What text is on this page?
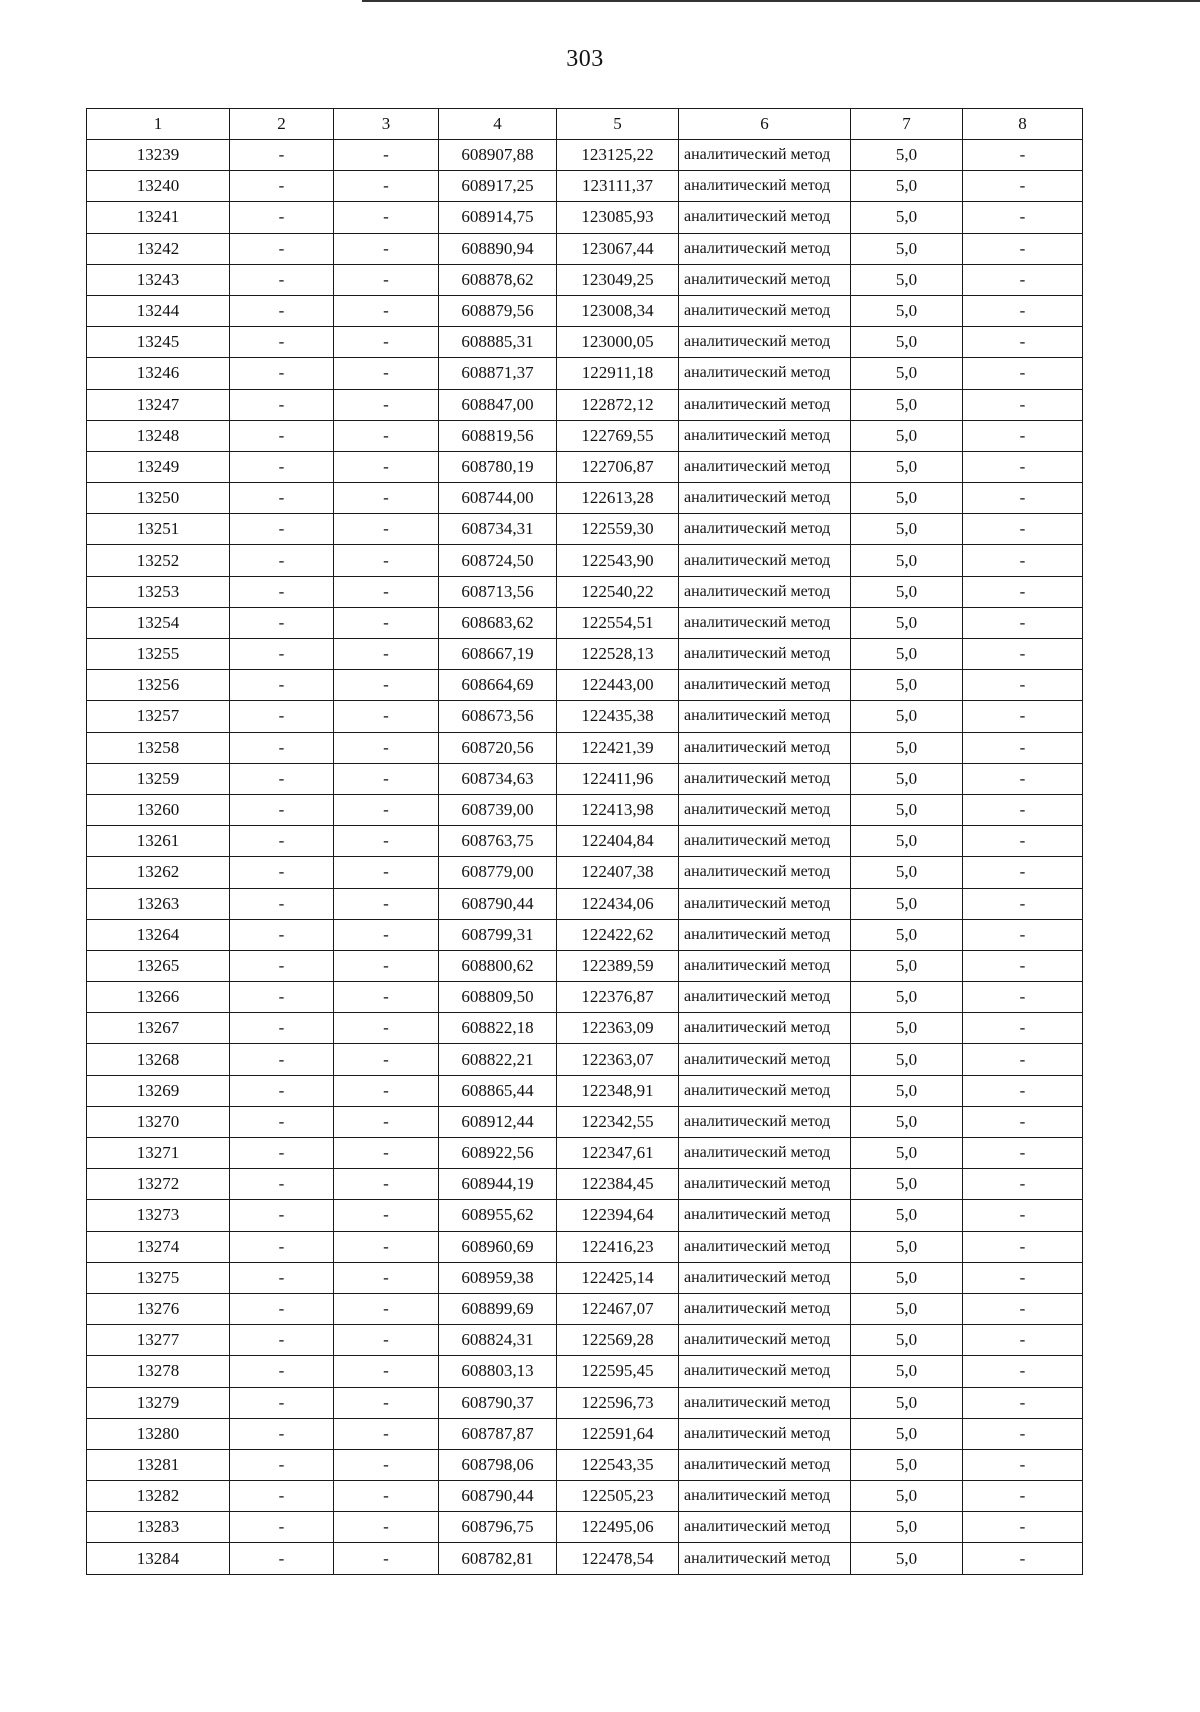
303
1	2	3	4	5	6	7	8
13239	-	-	608907,88	123125,22	аналитический метод	5,0	-
13240	-	-	608917,25	123111,37	аналитический метод	5,0	-
13241	-	-	608914,75	123085,93	аналитический метод	5,0	-
13242	-	-	608890,94	123067,44	аналитический метод	5,0	-
13243	-	-	608878,62	123049,25	аналитический метод	5,0	-
13244	-	-	608879,56	123008,34	аналитический метод	5,0	-
13245	-	-	608885,31	123000,05	аналитический метод	5,0	-
13246	-	-	608871,37	122911,18	аналитический метод	5,0	-
13247	-	-	608847,00	122872,12	аналитический метод	5,0	-
13248	-	-	608819,56	122769,55	аналитический метод	5,0	-
13249	-	-	608780,19	122706,87	аналитический метод	5,0	-
13250	-	-	608744,00	122613,28	аналитический метод	5,0	-
13251	-	-	608734,31	122559,30	аналитический метод	5,0	-
13252	-	-	608724,50	122543,90	аналитический метод	5,0	-
13253	-	-	608713,56	122540,22	аналитический метод	5,0	-
13254	-	-	608683,62	122554,51	аналитический метод	5,0	-
13255	-	-	608667,19	122528,13	аналитический метод	5,0	-
13256	-	-	608664,69	122443,00	аналитический метод	5,0	-
13257	-	-	608673,56	122435,38	аналитический метод	5,0	-
13258	-	-	608720,56	122421,39	аналитический метод	5,0	-
13259	-	-	608734,63	122411,96	аналитический метод	5,0	-
13260	-	-	608739,00	122413,98	аналитический метод	5,0	-
13261	-	-	608763,75	122404,84	аналитический метод	5,0	-
13262	-	-	608779,00	122407,38	аналитический метод	5,0	-
13263	-	-	608790,44	122434,06	аналитический метод	5,0	-
13264	-	-	608799,31	122422,62	аналитический метод	5,0	-
13265	-	-	608800,62	122389,59	аналитический метод	5,0	-
13266	-	-	608809,50	122376,87	аналитический метод	5,0	-
13267	-	-	608822,18	122363,09	аналитический метод	5,0	-
13268	-	-	608822,21	122363,07	аналитический метод	5,0	-
13269	-	-	608865,44	122348,91	аналитический метод	5,0	-
13270	-	-	608912,44	122342,55	аналитический метод	5,0	-
13271	-	-	608922,56	122347,61	аналитический метод	5,0	-
13272	-	-	608944,19	122384,45	аналитический метод	5,0	-
13273	-	-	608955,62	122394,64	аналитический метод	5,0	-
13274	-	-	608960,69	122416,23	аналитический метод	5,0	-
13275	-	-	608959,38	122425,14	аналитический метод	5,0	-
13276	-	-	608899,69	122467,07	аналитический метод	5,0	-
13277	-	-	608824,31	122569,28	аналитический метод	5,0	-
13278	-	-	608803,13	122595,45	аналитический метод	5,0	-
13279	-	-	608790,37	122596,73	аналитический метод	5,0	-
13280	-	-	608787,87	122591,64	аналитический метод	5,0	-
13281	-	-	608798,06	122543,35	аналитический метод	5,0	-
13282	-	-	608790,44	122505,23	аналитический метод	5,0	-
13283	-	-	608796,75	122495,06	аналитический метод	5,0	-
13284	-	-	608782,81	122478,54	аналитический метод	5,0	-
